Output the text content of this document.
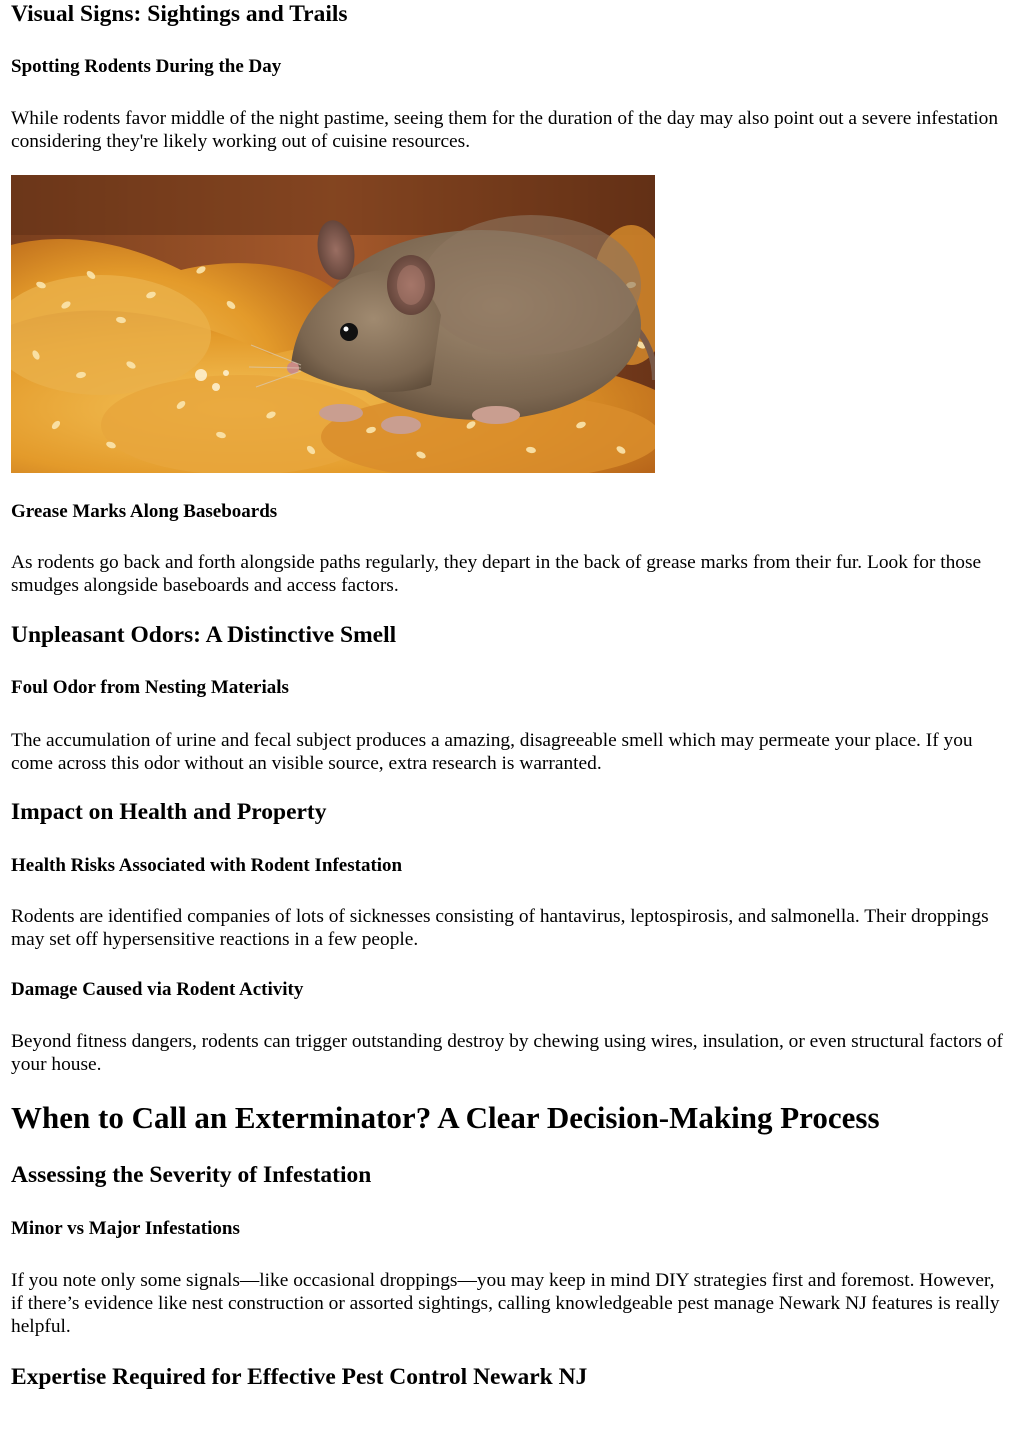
Visual Signs: Sightings and Trails
Spotting Rodents During the Day

While rodents favor middle of the night pastime, seeing them for the duration of the day may also point out a severe infestation considering they're likely working out of cuisine resources.

Grease Marks Along Baseboards

As rodents go back and forth alongside paths regularly, they depart in the back of grease marks from their fur. Look for those smudges alongside baseboards and access factors.

Unpleasant Odors: A Distinctive Smell
Foul Odor from Nesting Materials

The accumulation of urine and fecal subject produces a amazing, disagreeable smell which may permeate your place. If you come across this odor without an visible source, extra research is warranted.

Impact on Health and Property
Health Risks Associated with Rodent Infestation

Rodents are identified companies of lots of sicknesses consisting of hantavirus, leptospirosis, and salmonella. Their droppings may set off hypersensitive reactions in a few people.

Damage Caused via Rodent Activity

Beyond fitness dangers, rodents can trigger outstanding destroy by chewing using wires, insulation, or even structural factors of your house.

When to Call an Exterminator? A Clear Decision-Making Process
Assessing the Severity of Infestation
Minor vs Major Infestations

If you note only some signals—like occasional droppings—you may keep in mind DIY strategies first and foremost. However, if there’s evidence like nest construction or assorted sightings, calling knowledgeable pest manage Newark NJ features is really helpful.

Expertise Required for Effective Pest Control Newark NJ
